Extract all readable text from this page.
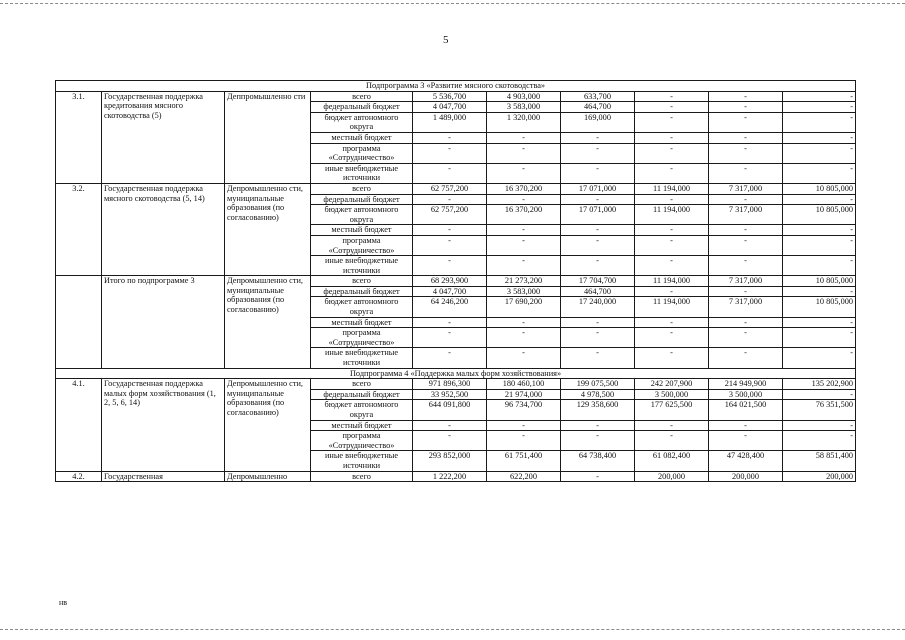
5
Подпрограмма 3 «Развитие мясного скотоводства»									
3.1.	Государственная поддержка кредитования мясного скотоводства (5)	Деппромышленно сти	всего	5 536,700	4 903,000	633,700	-	-	-
			федеральный бюджет	4 047,700	3 583,000	464,700	-	-	-
			бюджет автономного округа	1 489,000	1 320,000	169,000	-	-	-
			местный бюджет	-	-	-	-	-	-
			программа «Сотрудничество»	-	-	-	-	-	-
			иные внебюджетные источники	-	-	-	-	-	-
3.2.	Государственная поддержка мясного скотоводства (5, 14)	Депромышленно сти, муниципальные образования (по согласованию)	всего	62 757,200	16 370,200	17 071,000	11 194,000	7 317,000	10 805,000
			федеральный бюджет	-	-	-	-	-	-
			бюджет автономного округа	62 757,200	16 370,200	17 071,000	11 194,000	7 317,000	10 805,000
			местный бюджет	-	-	-	-	-	-
			программа «Сотрудничество»	-	-	-	-	-	-
			иные внебюджетные источники	-	-	-	-	-	-
	Итого по подпрограмме 3	Депромышленно сти, муниципальные образования (по согласованию)	всего	68 293,900	21 273,200	17 704,700	11 194,000	7 317,000	10 805,000
			федеральный бюджет	4 047,700	3 583,000	464,700	-	-	-
			бюджет автономного округа	64 246,200	17 690,200	17 240,000	11 194,000	7 317,000	10 805,000
			местный бюджет	-	-	-	-	-	-
			программа «Сотрудничество»	-	-	-	-	-	-
			иные внебюджетные источники	-	-	-	-	-	-
Подпрограмма 4 «Поддержка малых форм хозяйствования»									
4.1.	Государственная поддержка малых форм хозяйствования (1, 2, 5, 6, 14)	Депромышленно сти, муниципальные образования (по согласованию)	всего	971 896,300	180 460,100	199 075,500	242 207,900	214 949,900	135 202,900
			федеральный бюджет	33 952,500	21 974,000	4 978,500	3 500,000	3 500,000	-
			бюджет автономного округа	644 091,800	96 734,700	129 358,600	177 625,500	164 021,500	76 351,500
			местный бюджет	-	-	-	-	-	-
			программа «Сотрудничество»	-	-	-	-	-	-
			иные внебюджетные источники	293 852,000	61 751,400	64 738,400	61 082,400	47 428,400	58 851,400
4.2.	Государственная	Депромышленно	всего	1 222,200	622,200	-	200,000	200,000	200,000
нв
